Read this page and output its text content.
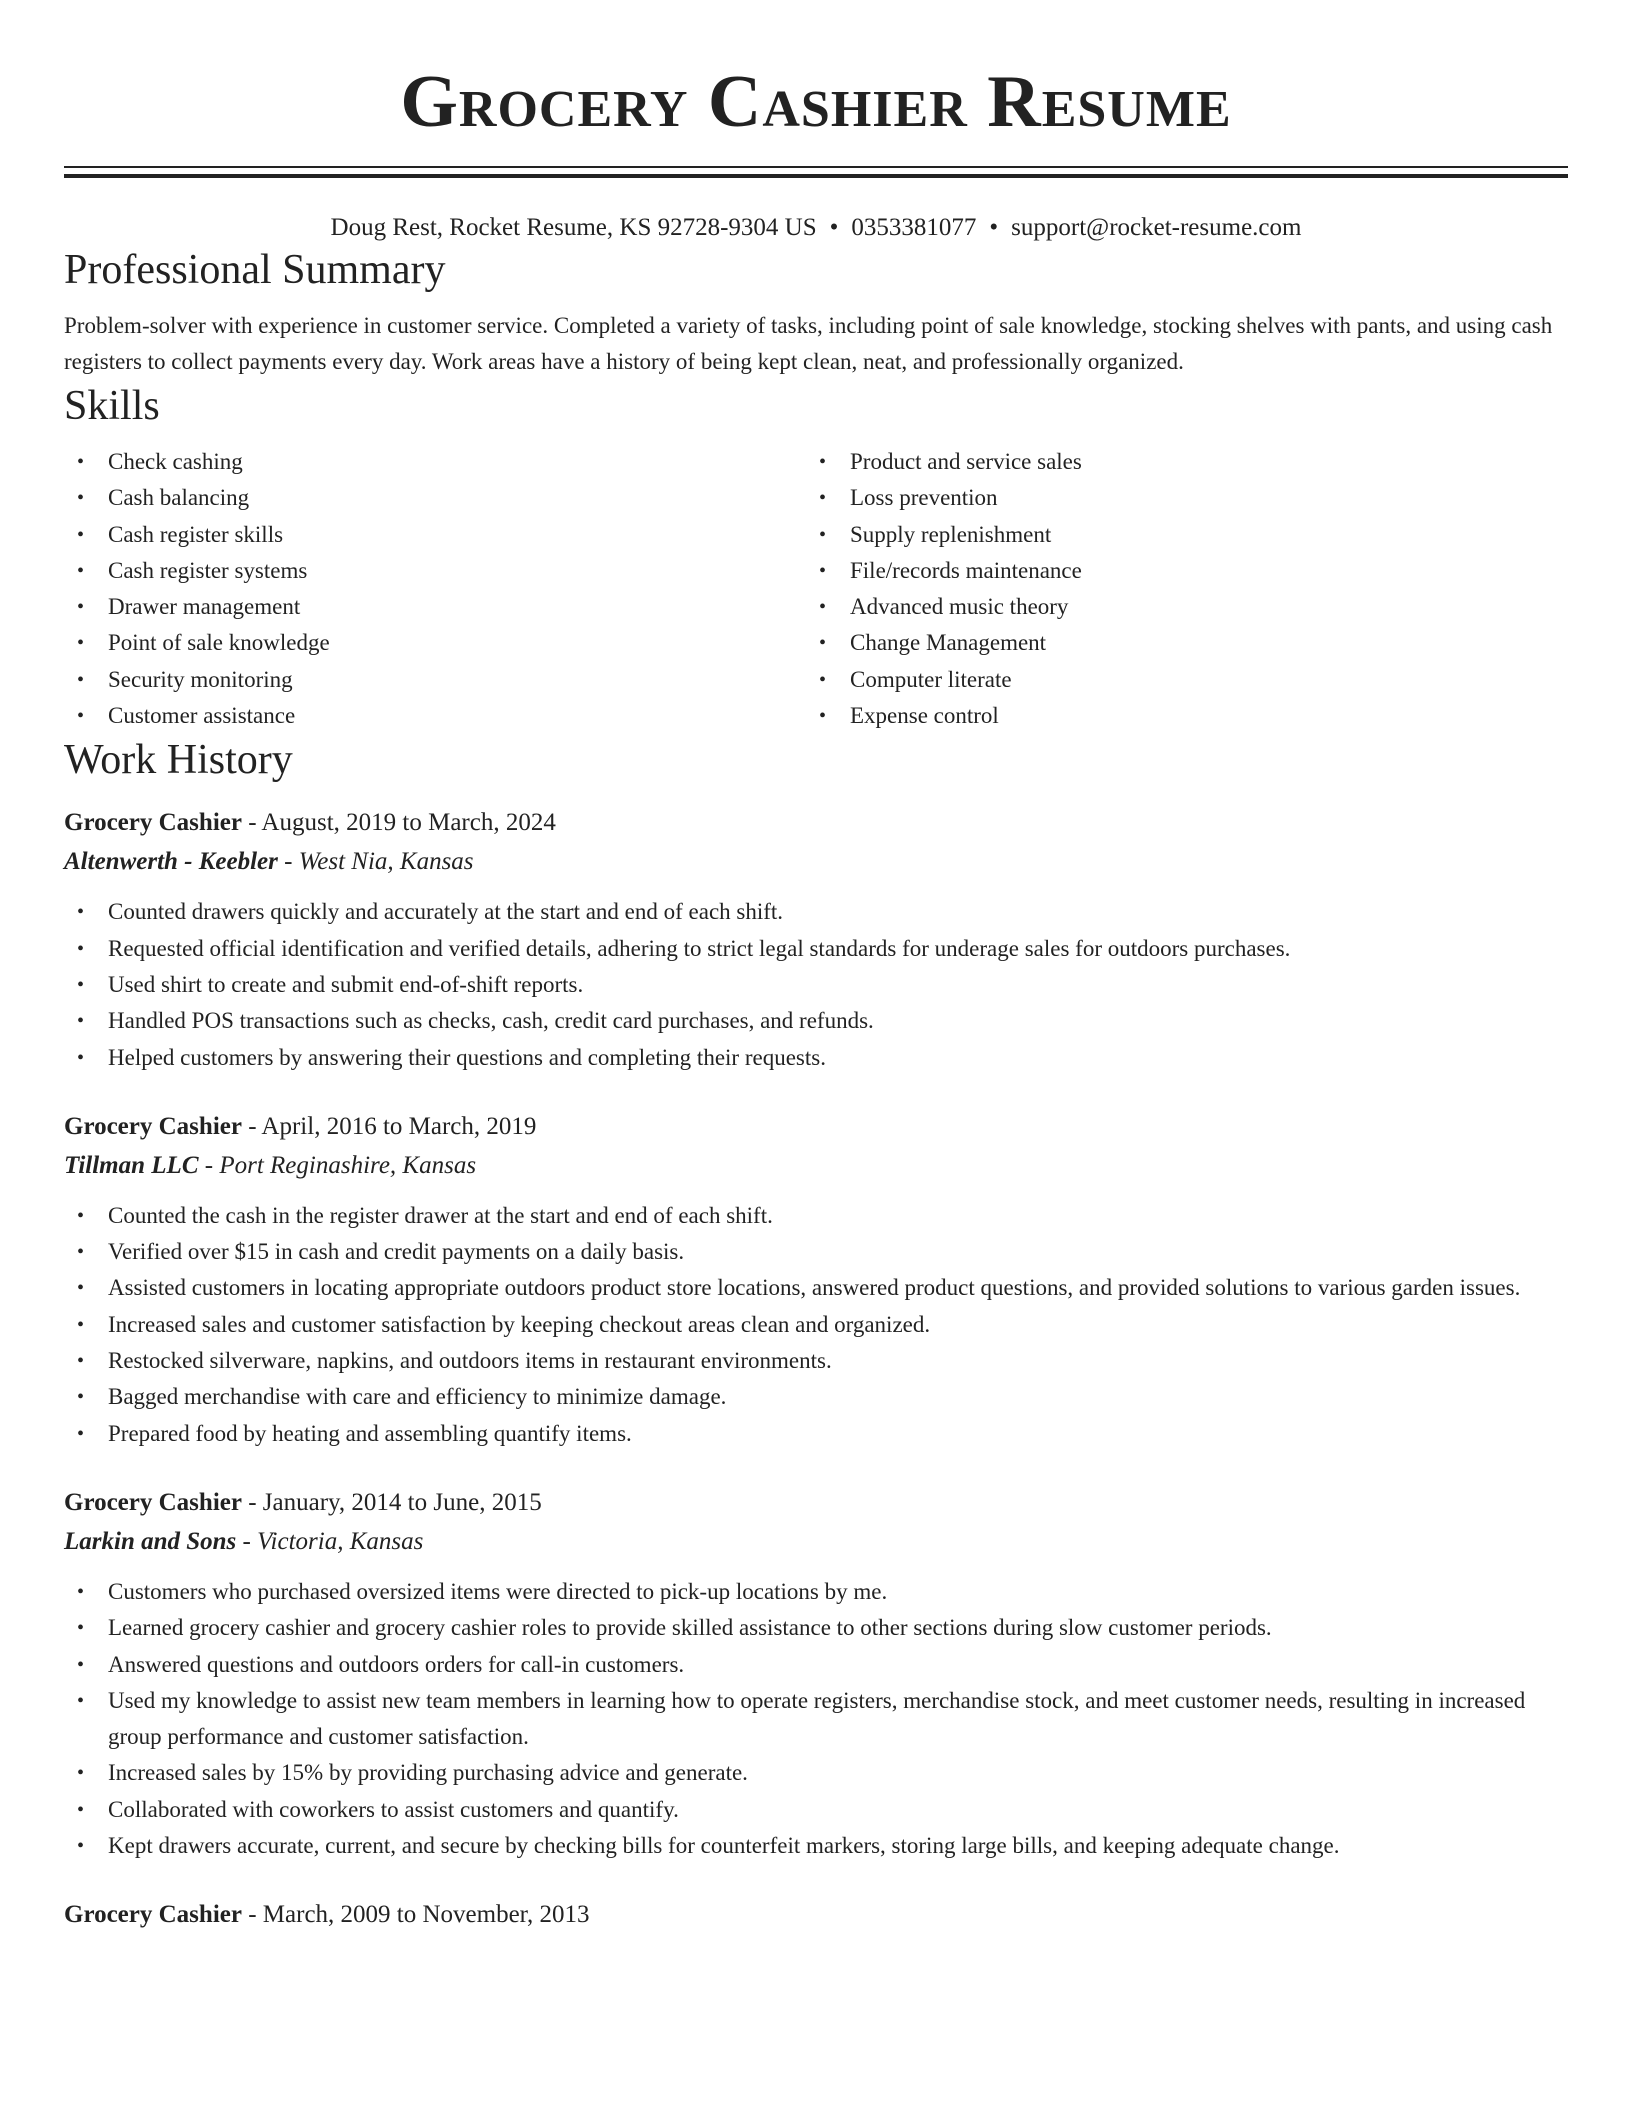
Grocery Cashier Resume
Doug Rest, Rocket Resume, KS 92728-9304 US • 0353381077 • support@rocket-resume.com
Professional Summary
Problem-solver with experience in customer service. Completed a variety of tasks, including point of sale knowledge, stocking shelves with pants, and using cash registers to collect payments every day. Work areas have a history of being kept clean, neat, and professionally organized.
Skills
• Check cashing
• Cash balancing
• Cash register skills
• Cash register systems
• Drawer management
• Point of sale knowledge
• Security monitoring
• Customer assistance
• Product and service sales
• Loss prevention
• Supply replenishment
• File/records maintenance
• Advanced music theory
• Change Management
• Computer literate
• Expense control
Work History
Grocery Cashier - August, 2019 to March, 2024
Altenwerth - Keebler - West Nia, Kansas
• Counted drawers quickly and accurately at the start and end of each shift.
• Requested official identification and verified details, adhering to strict legal standards for underage sales for outdoors purchases.
• Used shirt to create and submit end-of-shift reports.
• Handled POS transactions such as checks, cash, credit card purchases, and refunds.
• Helped customers by answering their questions and completing their requests.
Grocery Cashier - April, 2016 to March, 2019
Tillman LLC - Port Reginashire, Kansas
• Counted the cash in the register drawer at the start and end of each shift.
• Verified over $15 in cash and credit payments on a daily basis.
• Assisted customers in locating appropriate outdoors product store locations, answered product questions, and provided solutions to various garden issues.
• Increased sales and customer satisfaction by keeping checkout areas clean and organized.
• Restocked silverware, napkins, and outdoors items in restaurant environments.
• Bagged merchandise with care and efficiency to minimize damage.
• Prepared food by heating and assembling quantify items.
Grocery Cashier - January, 2014 to June, 2015
Larkin and Sons - Victoria, Kansas
• Customers who purchased oversized items were directed to pick-up locations by me.
• Learned grocery cashier and grocery cashier roles to provide skilled assistance to other sections during slow customer periods.
• Answered questions and outdoors orders for call-in customers.
• Used my knowledge to assist new team members in learning how to operate registers, merchandise stock, and meet customer needs, resulting in increased group performance and customer satisfaction.
• Increased sales by 15% by providing purchasing advice and generate.
• Collaborated with coworkers to assist customers and quantify.
• Kept drawers accurate, current, and secure by checking bills for counterfeit markers, storing large bills, and keeping adequate change.
Grocery Cashier - March, 2009 to November, 2013
